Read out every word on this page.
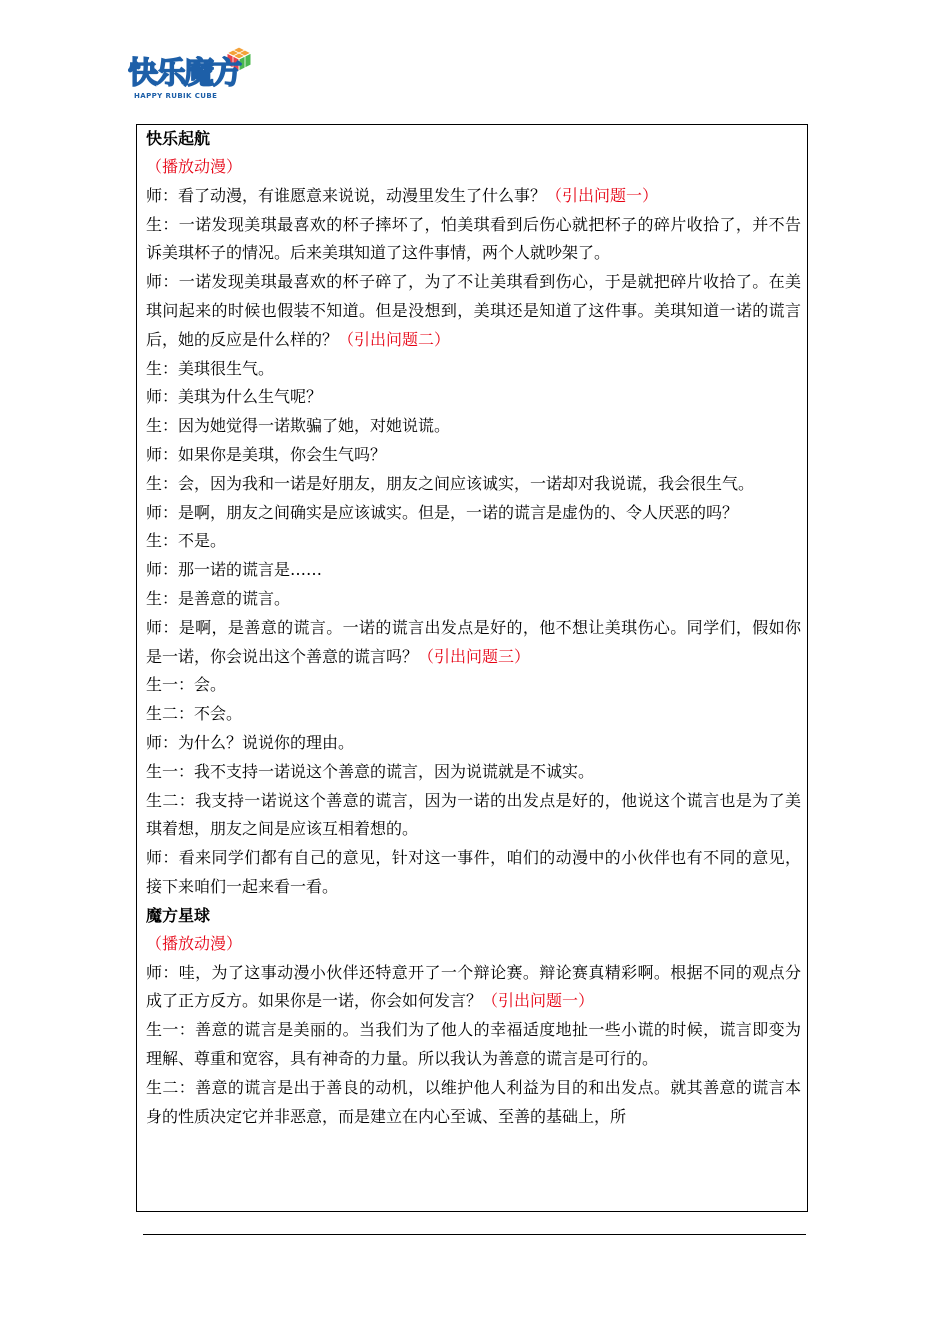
快乐魔方
HAPPY RUBIK CUBE

快乐起航

（播放动漫）

师：看了动漫，有谁愿意来说说，动漫里发生了什么事？（引出问题一）

生：一诺发现美琪最喜欢的杯子摔坏了，怕美琪看到后伤心就把杯子的碎片收拾了，并不告诉美琪杯子的情况。后来美琪知道了这件事情，两个人就吵架了。

师：一诺发现美琪最喜欢的杯子碎了，为了不让美琪看到伤心，于是就把碎片收拾了。在美琪问起来的时候也假装不知道。但是没想到，美琪还是知道了这件事。美琪知道一诺的谎言后，她的反应是什么样的？（引出问题二）

生：美琪很生气。

师：美琪为什么生气呢？

生：因为她觉得一诺欺骗了她，对她说谎。

师：如果你是美琪，你会生气吗？

生：会，因为我和一诺是好朋友，朋友之间应该诚实，一诺却对我说谎，我会很生气。

师：是啊，朋友之间确实是应该诚实。但是，一诺的谎言是虚伪的、令人厌恶的吗？

生：不是。

师：那一诺的谎言是……

生：是善意的谎言。

师：是啊，是善意的谎言。一诺的谎言出发点是好的，他不想让美琪伤心。同学们，假如你是一诺，你会说出这个善意的谎言吗？（引出问题三）

生一：会。

生二：不会。

师：为什么？说说你的理由。

生一：我不支持一诺说这个善意的谎言，因为说谎就是不诚实。

生二：我支持一诺说这个善意的谎言，因为一诺的出发点是好的，他说这个谎言也是为了美琪着想，朋友之间是应该互相着想的。

师：看来同学们都有自己的意见，针对这一事件，咱们的动漫中的小伙伴也有不同的意见，接下来咱们一起来看一看。

魔方星球

（播放动漫）

师：哇，为了这事动漫小伙伴还特意开了一个辩论赛。辩论赛真精彩啊。根据不同的观点分成了正方反方。如果你是一诺，你会如何发言？（引出问题一）

生一：善意的谎言是美丽的。当我们为了他人的幸福适度地扯一些小谎的时候，谎言即变为理解、尊重和宽容，具有神奇的力量。所以我认为善意的谎言是可行的。

生二：善意的谎言是出于善良的动机，以维护他人利益为目的和出发点。就其善意的谎言本身的性质决定它并非恶意，而是建立在内心至诚、至善的基础上，所
